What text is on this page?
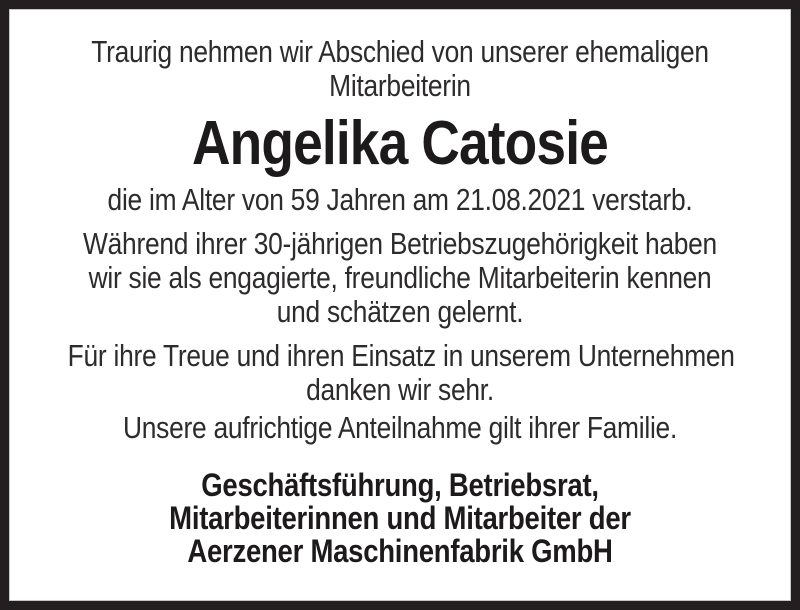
Traurig nehmen wir Abschied von unserer ehemaligen
Mitarbeiterin
Angelika Catosie
die im Alter von 59 Jahren am 21.08.2021 verstarb.
Während ihrer 30-jährigen Betriebszugehörigkeit haben
wir sie als engagierte, freundliche Mitarbeiterin kennen
und schätzen gelernt.
Für ihre Treue und ihren Einsatz in unserem Unternehmen
danken wir sehr.
Unsere aufrichtige Anteilnahme gilt ihrer Familie.
Geschäftsführung, Betriebsrat,
Mitarbeiterinnen und Mitarbeiter der
Aerzener Maschinenfabrik GmbH
